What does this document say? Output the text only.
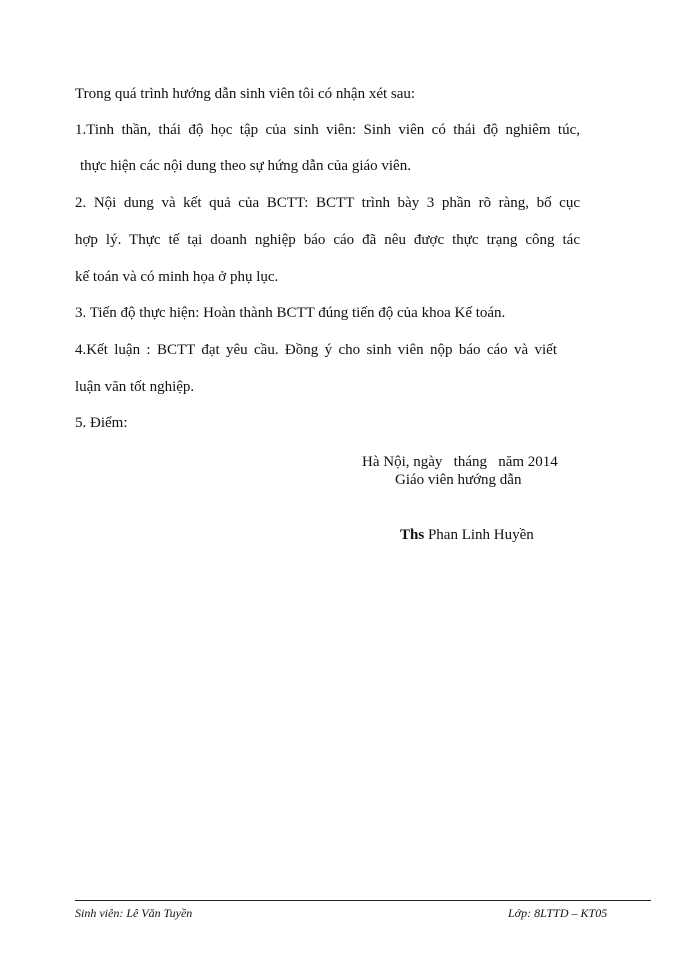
Trong quá trình hướng dẫn sinh viên tôi có nhận xét sau:
1.Tinh thần, thái độ học tập của sinh viên: Sinh viên có thái độ nghiêm túc,
thực hiện các nội dung theo sự hứng dẫn của giáo viên.
2. Nội dung và kết quả của BCTT: BCTT trình bày 3 phần rõ ràng, bố cục
hợp lý. Thực tế tại doanh nghiệp báo cáo đã nêu được thực trạng công tác
kế toán và có minh họa ở phụ lục.
3. Tiến độ thực hiện: Hoàn thành BCTT đúng tiến độ của khoa Kế toán.
4.Kết luận : BCTT đạt yêu cầu. Đồng ý cho sinh viên nộp báo cáo và viết
luận văn tốt nghiệp.
5. Điểm:
Hà Nội, ngày   tháng   năm 2014
Giáo viên hướng dẫn
Ths Phan Linh Huyền
Sinh viên: Lê Văn Tuyền	Lớp: 8LTTD – KT05
